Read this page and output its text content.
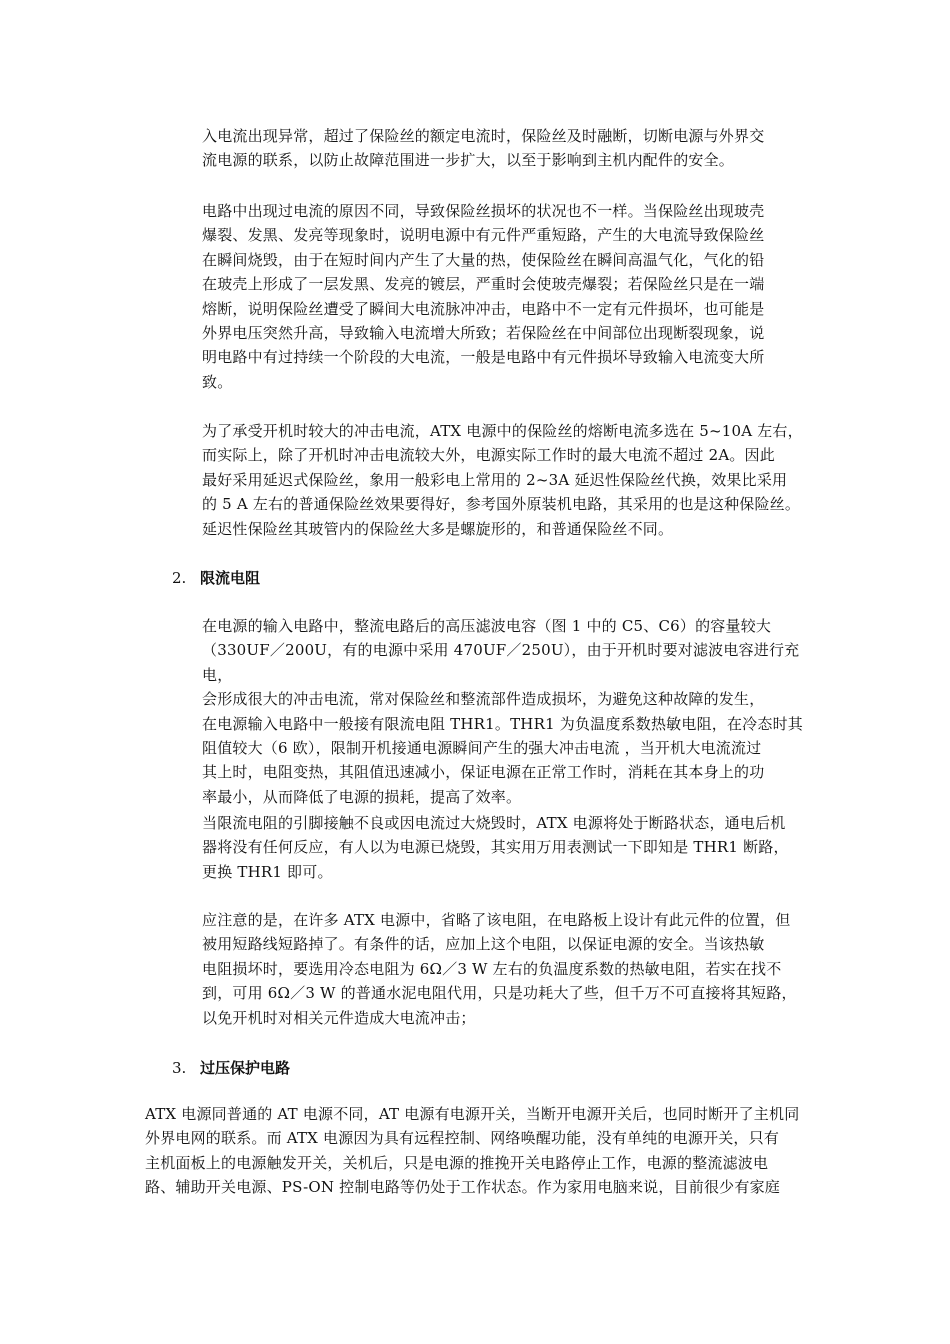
入电流出现异常，超过了保险丝的额定电流时，保险丝及时融断，切断电源与外界交
流电源的联系，以防止故障范围进一步扩大，以至于影响到主机内配件的安全。

电路中出现过电流的原因不同，导致保险丝损坏的状况也不一样。当保险丝出现玻壳
爆裂、发黑、发亮等现象时，说明电源中有元件严重短路，产生的大电流导致保险丝
在瞬间烧毁，由于在短时间内产生了大量的热，使保险丝在瞬间高温气化，气化的铅
在玻壳上形成了一层发黑、发亮的镀层，严重时会使玻壳爆裂；若保险丝只是在一端
熔断，说明保险丝遭受了瞬间大电流脉冲冲击，电路中不一定有元件损坏，也可能是
外界电压突然升高，导致输入电流增大所致；若保险丝在中间部位出现断裂现象，说
明电路中有过持续一个阶段的大电流，一般是电路中有元件损坏导致输入电流变大所
致。

为了承受开机时较大的冲击电流，ATX 电源中的保险丝的熔断电流多选在 5~10A 左右，
而实际上，除了开机时冲击电流较大外，电源实际工作时的最大电流不超过 2A。因此
最好采用延迟式保险丝，象用一般彩电上常用的 2~3A 延迟性保险丝代换，效果比采用
的 5 A 左右的普通保险丝效果要得好，参考国外原装机电路，其采用的也是这种保险丝。
延迟性保险丝其玻管内的保险丝大多是螺旋形的，和普通保险丝不同。

2. 限流电阻

在电源的输入电路中，整流电路后的高压滤波电容（图 1 中的 C5、C6）的容量较大
（330UF／200U，有的电源中采用 470UF／250U），由于开机时要对滤波电容进行充电，
会形成很大的冲击电流，常对保险丝和整流部件造成损坏，为避免这种故障的发生，
在电源输入电路中一般接有限流电阻 THR1。THR1 为负温度系数热敏电阻，在冷态时其
阻值较大（6 欧），限制开机接通电源瞬间产生的强大冲击电流 ，当开机大电流流过
其上时，电阻变热，其阻值迅速减小，保证电源在正常工作时，消耗在其本身上的功
率最小，从而降低了电源的损耗，提高了效率。

当限流电阻的引脚接触不良或因电流过大烧毁时，ATX 电源将处于断路状态，通电后机
器将没有任何反应，有人以为电源已烧毁，其实用万用表测试一下即知是 THR1 断路，
更换 THR1 即可。

应注意的是，在许多 ATX 电源中，省略了该电阻，在电路板上设计有此元件的位置，但
被用短路线短路掉了。有条件的话，应加上这个电阻，以保证电源的安全。当该热敏
电阻损坏时，要选用冷态电阻为 6Ω／3 W 左右的负温度系数的热敏电阻，若实在找不
到，可用 6Ω／3 W 的普通水泥电阻代用，只是功耗大了些，但千万不可直接将其短路，
以免开机时对相关元件造成大电流冲击；

3. 过压保护电路

ATX 电源同普通的 AT 电源不同，AT 电源有电源开关，当断开电源开关后，也同时断开了主机同
外界电网的联系。而 ATX 电源因为具有远程控制、网络唤醒功能，没有单纯的电源开关，只有
主机面板上的电源触发开关，关机后，只是电源的推挽开关电路停止工作，电源的整流滤波电
路、辅助开关电源、PS-ON 控制电路等仍处于工作状态。作为家用电脑来说，目前很少有家庭
